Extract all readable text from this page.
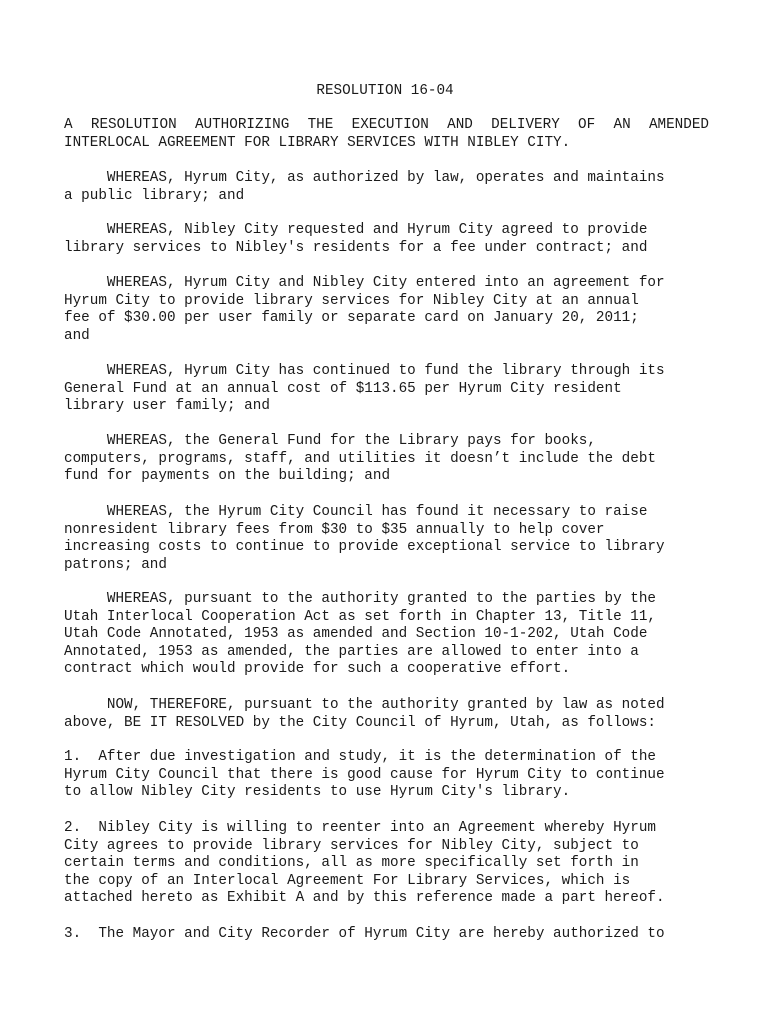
RESOLUTION 16-04
A RESOLUTION AUTHORIZING THE EXECUTION AND DELIVERY OF AN AMENDED
INTERLOCAL AGREEMENT FOR LIBRARY SERVICES WITH NIBLEY CITY.
WHEREAS, Hyrum City, as authorized by law, operates and maintains
a public library; and
WHEREAS, Nibley City requested and Hyrum City agreed to provide
library services to Nibley's residents for a fee under contract; and
WHEREAS, Hyrum City and Nibley City entered into an agreement for
Hyrum City to provide library services for Nibley City at an annual
fee of $30.00 per user family or separate card on January 20, 2011;
and
WHEREAS, Hyrum City has continued to fund the library through its
General Fund at an annual cost of $113.65 per Hyrum City resident
library user family; and
WHEREAS, the General Fund for the Library pays for books,
computers, programs, staff, and utilities it doesn’t include the debt
fund for payments on the building; and
WHEREAS, the Hyrum City Council has found it necessary to raise
nonresident library fees from $30 to $35 annually to help cover
increasing costs to continue to provide exceptional service to library
patrons; and
WHEREAS, pursuant to the authority granted to the parties by the
Utah Interlocal Cooperation Act as set forth in Chapter 13, Title 11,
Utah Code Annotated, 1953 as amended and Section 10-1-202, Utah Code
Annotated, 1953 as amended, the parties are allowed to enter into a
contract which would provide for such a cooperative effort.
NOW, THEREFORE, pursuant to the authority granted by law as noted
above, BE IT RESOLVED by the City Council of Hyrum, Utah, as follows:
1.  After due investigation and study, it is the determination of the
Hyrum City Council that there is good cause for Hyrum City to continue
to allow Nibley City residents to use Hyrum City's library.
2.  Nibley City is willing to reenter into an Agreement whereby Hyrum
City agrees to provide library services for Nibley City, subject to
certain terms and conditions, all as more specifically set forth in
the copy of an Interlocal Agreement For Library Services, which is
attached hereto as Exhibit A and by this reference made a part hereof.
3.  The Mayor and City Recorder of Hyrum City are hereby authorized to
